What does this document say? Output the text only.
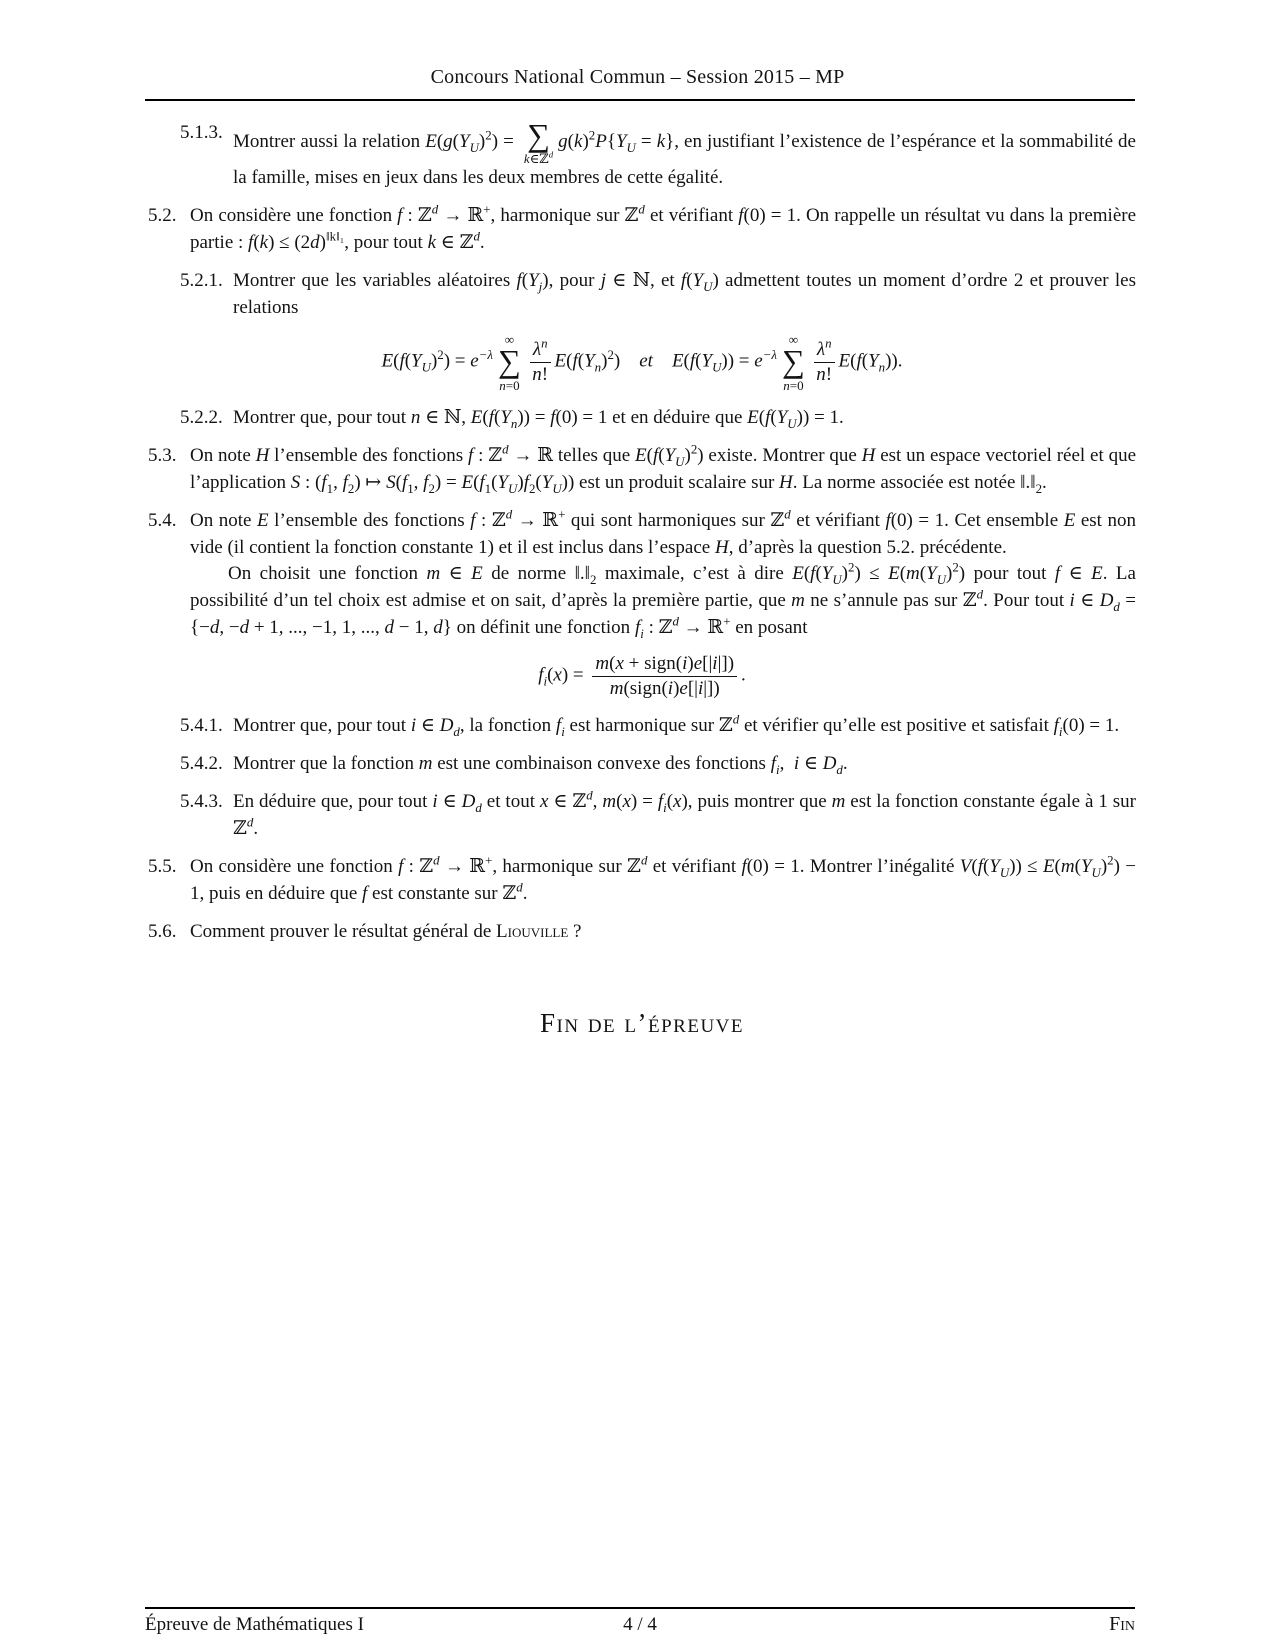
Concours National Commun – Session 2015 – MP
5.1.3. Montrer aussi la relation $E(g(Y_U)^2)$ = ∑
k∈ℤ$^d$
$g(k)^2P\{Y_U = k\}$, en justifiant l’existence de l’espérance et la sommabilité de la famille, mises en jeux dans les deux membres de cette égalité.
5.2. On considère une fonction f : ℤ$^d$ → ℝ+, harmonique sur ℤ$^d$ et vérifiant f(0) = 1. On rappelle un résultat vu dans la première partie : $f(k) \le (2d)^{‖k‖_1}$, pour tout k ∈ ℤ$^d$.
5.2.1. Montrer que les variables aléatoires $f(Y_j)$, pour j ∈ ℕ, et $f(Y_U)$ admettent toutes un moment d’ordre 2 et prouver les relations
$E(f(Y_U)^2) = e^{-\lambda}$
∞
∑
$n=0 \frac{\lambda^n}{n!} E(f(Y_n)^2)$  et  $E(f(Y_U)) = e^{-\lambda}$
∞
∑
$n=0 \frac{\lambda^n}{n!} E(f(Y_n))$.
5.2.2. Montrer que, pour tout n ∈ ℕ, $E(f(Y_n)) = f(0) = 1$ et en déduire que $E(f(Y_U)) = 1$.
5.3. On note H l’ensemble des fonctions f : ℤ$^d$ → ℝ telles que $E(f(Y_U)^2)$ existe. Montrer que H est un espace vectoriel réel et que l’application S : ($f_1$, $f_2$) ↦ $S(f_1$, $f_2) = E(f_1(Y_U)f_2(Y_U))$ est un produit scalaire sur H. La norme associée est notée $‖.‖_2$.
5.4. On note E l’ensemble des fonctions f : ℤ$^d$ → ℝ+ qui sont harmoniques sur ℤ$^d$ et vérifiant f(0) = 1. Cet ensemble E est non vide (il contient la fonction constante 1) et il est inclus dans l’espace H, d’après la question 5.2. précédente.
On choisit une fonction m ∈ E de norme $‖.‖_2$ maximale, c’est à dire $E(f(Y_U)^2) \le E(m(Y_U)^2)$ pour tout f ∈ E. La possibilité d’un tel choix est admise et on sait, d’après la première partie, que m ne s’annule pas sur ℤ$^d$. Pour tout i ∈ $D_d = \{-d$, −d + 1, ..., −1, 1, ..., d − 1, d} on définit une fonction $f_i$ : ℤ$^d$ → ℝ+ en posant
$f_i(x) = \frac{\text{m(x + sign(i)e[|i|])}}{\text{m(sign(i)e[|i|])}}$ .
5.4.1. Montrer que, pour tout i ∈ $D_d$, la fonction $f_i$ est harmonique sur ℤ$^d$ et vérifier qu’elle est positive et satisfait $f_i(0) = 1$.
5.4.2. Montrer que la fonction m est une combinaison convexe des fonctions $f_i$, i ∈ $D_d$.
5.4.3. En déduire que, pour tout i ∈ $D_d$ et tout x ∈ ℤ$^d$, $m(x) = f_i(x)$, puis montrer que m est la fonction constante égale à 1 sur ℤ$^d$.
5.5. On considère une fonction f : ℤ$^d$ → ℝ+, harmonique sur ℤ$^d$ et vérifiant f(0) = 1. Montrer l’inégalité $V(f(Y_U)) \le E(m(Y_U)^2) - 1$, puis en déduire que f est constante sur ℤ$^d$.
5.6. Comment prouver le résultat général de Liouville ?
Fin de l’épreuve
Épreuve de Mathématiques I	4 / 4	Fin
